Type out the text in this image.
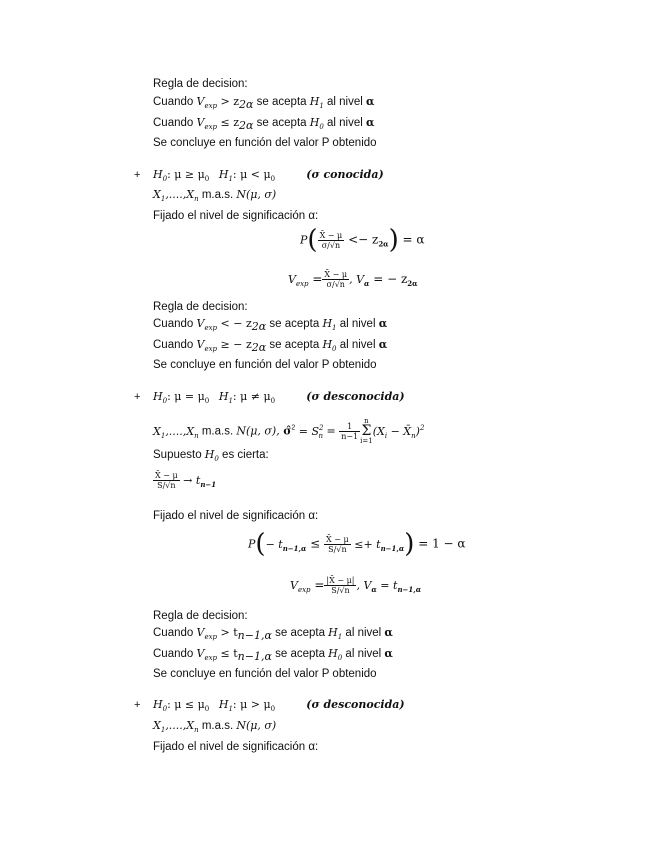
Regla de decision:
Cuando $V_{exp} > z_{2\alpha}$ se acepta $H_1$ al nivel α
Cuando $V_{exp} \le z_{2\alpha}$ se acepta $H_0$ al nivel α
Se concluye en función del valor P obtenido
+ $H_0$: $\mu \ge \mu_0$ $H_1$: $\mu < \mu_0$	(σ conocida)
$X_1,....,X_n$ m.a.s. N(μ, σ)
Fijado el nivel de significación α:
$P( \frac{X̄ - \mu}{\sigma/√n} <- z_{2\alpha}) = \alpha$
$V_{exp} = \frac{X̄ - \mu}{\sigma/√n}$ , $V_\alpha$ = − $z_{2\alpha}$
Regla de decision:
Cuando $V_{exp}$ < − $z_{2\alpha}$ se acepta $H_1$ al nivel α
Cuando $V_{exp}$ ≥ − $z_{2\alpha}$ se acepta $H_0$ al nivel α
Se concluye en función del valor P obtenido
+ $H_0$: $\mu = \mu_0$ $H_1$: $\mu \ne \mu_0$	(σ desconocida)
$X_1,....,X_n$ m.a.s. N(μ, σ), σ̂$^2$ = $S^2_n = \frac{1}{n-1}$
n
Σ
i=1
($X_i$ − $X̄_n)^2$
Supuesto $H_0$ es cierta:
$\frac{X̄ - \mu}{S/√n} \to t_{n-1}$
Fijado el nivel de significación α:
$P(- t_{n-1,\alpha} \le \frac{X̄ - \mu}{S/√n} \le+ t_{n-1,\alpha}) = 1 - \alpha$
$V_{exp} = \frac{|X̄ - \mu|}{S/√n}$ , $V_\alpha = t_{n-1,\alpha}$
Regla de decision:
Cuando $V_{exp} > t_{n-1,\alpha}$ se acepta $H_1$ al nivel α
Cuando $V_{exp} \le t_{n-1,\alpha}$ se acepta $H_0$ al nivel α
Se concluye en función del valor P obtenido
+ $H_0$: $\mu \le \mu_0$ $H_1$: $\mu > \mu_0$	(σ desconocida)
$X_1,....,X_n$ m.a.s. N(μ, σ)
Fijado el nivel de significación α:
